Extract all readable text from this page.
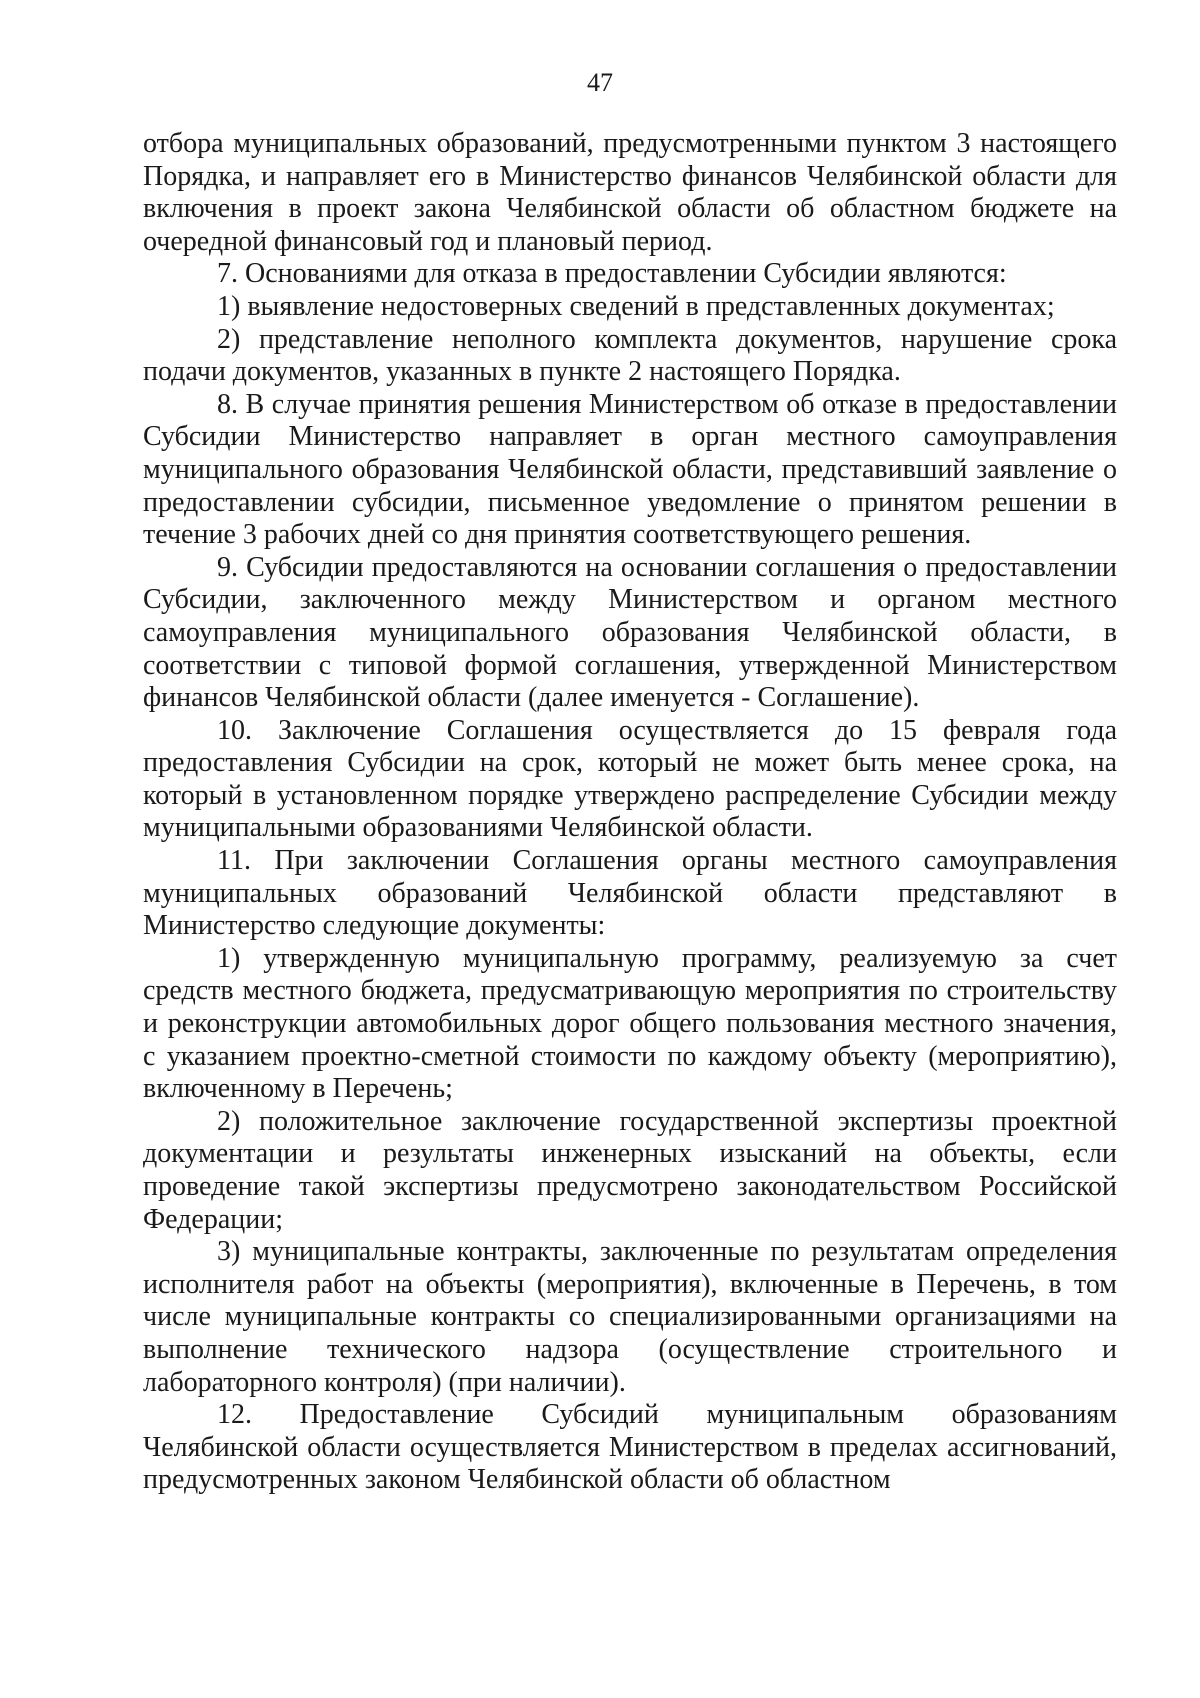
47

отбора муниципальных образований, предусмотренными пунктом 3 настоящего Порядка, и направляет его в Министерство финансов Челябинской области для включения в проект закона Челябинской области об областном бюджете на очередной финансовый год и плановый период.

7. Основаниями для отказа в предоставлении Субсидии являются:

1) выявление недостоверных сведений в представленных документах;

2) представление неполного комплекта документов, нарушение срока подачи документов, указанных в пункте 2 настоящего Порядка.

8. В случае принятия решения Министерством об отказе в предоставлении Субсидии Министерство направляет в орган местного самоуправления муниципального образования Челябинской области, представивший заявление о предоставлении субсидии, письменное уведомление о принятом решении в течение 3 рабочих дней со дня принятия соответствующего решения.

9. Субсидии предоставляются на основании соглашения о предоставлении Субсидии, заключенного между Министерством и органом местного самоуправления муниципального образования Челябинской области, в соответствии с типовой формой соглашения, утвержденной Министерством финансов Челябинской области (далее именуется - Соглашение).

10. Заключение Соглашения осуществляется до 15 февраля года предоставления Субсидии на срок, который не может быть менее срока, на который в установленном порядке утверждено распределение Субсидии между муниципальными образованиями Челябинской области.

11. При заключении Соглашения органы местного самоуправления муниципальных образований Челябинской области представляют в Министерство следующие документы:

1) утвержденную муниципальную программу, реализуемую за счет средств местного бюджета, предусматривающую мероприятия по строительству и реконструкции автомобильных дорог общего пользования местного значения, с указанием проектно-сметной стоимости по каждому объекту (мероприятию), включенному в Перечень;

2) положительное заключение государственной экспертизы проектной документации и результаты инженерных изысканий на объекты, если проведение такой экспертизы предусмотрено законодательством Российской Федерации;

3) муниципальные контракты, заключенные по результатам определения исполнителя работ на объекты (мероприятия), включенные в Перечень, в том числе муниципальные контракты со специализированными организациями на выполнение технического надзора (осуществление строительного и лабораторного контроля) (при наличии).

12. Предоставление Субсидий муниципальным образованиям Челябинской области осуществляется Министерством в пределах ассигнований, предусмотренных законом Челябинской области об областном
